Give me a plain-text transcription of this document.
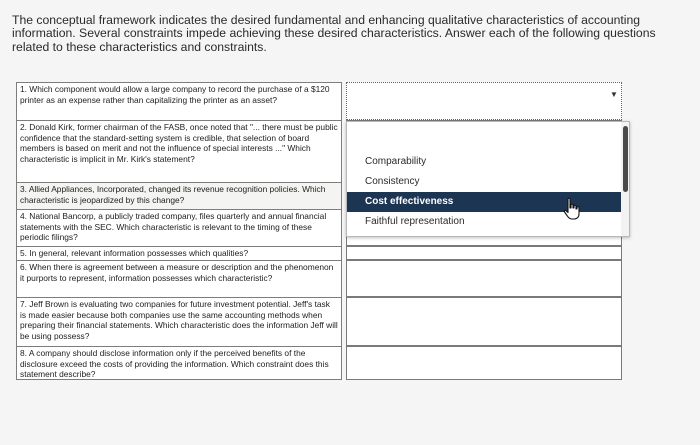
The conceptual framework indicates the desired fundamental and enhancing qualitative characteristics of accounting information. Several constraints impede achieving these desired characteristics. Answer each of the following questions related to these characteristics and constraints.
1. Which component would allow a large company to record the purchase of a $120 printer as an expense rather than capitalizing the printer as an asset?
2. Donald Kirk, former chairman of the FASB, once noted that "... there must be public confidence that the standard-setting system is credible, that selection of board members is based on merit and not the influence of special interests ..." Which characteristic is implicit in Mr. Kirk's statement?
3. Allied Appliances, Incorporated, changed its revenue recognition policies. Which characteristic is jeopardized by this change?
4. National Bancorp, a publicly traded company, files quarterly and annual financial statements with the SEC. Which characteristic is relevant to the timing of these periodic filings?
5. In general, relevant information possesses which qualities?
6. When there is agreement between a measure or description and the phenomenon it purports to represent, information possesses which characteristic?
7. Jeff Brown is evaluating two companies for future investment potential. Jeff's task is made easier because both companies use the same accounting methods when preparing their financial statements. Which characteristic does the information Jeff will be using possess?
8. A company should disclose information only if the perceived benefits of the disclosure exceed the costs of providing the information. Which constraint does this statement describe?
▼
Comparability
Consistency
Cost effectiveness
Faithful representation
